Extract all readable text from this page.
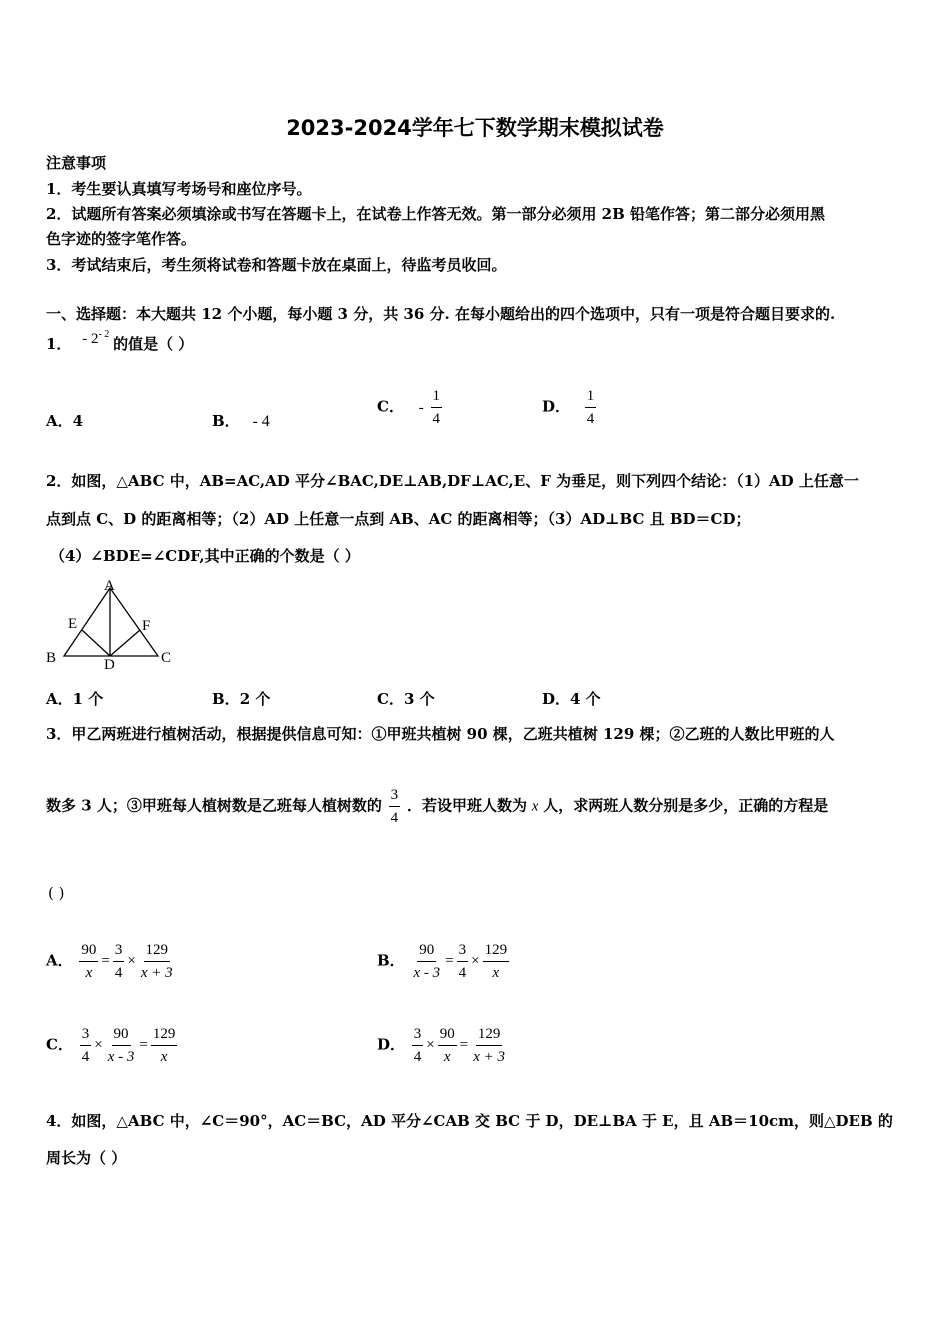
2023-2024学年七下数学期末模拟试卷
注意事项
1．考生要认真填写考场号和座位序号。
2．试题所有答案必须填涂或书写在答题卡上，在试卷上作答无效。第一部分必须用 2B 铅笔作答；第二部分必须用黑
色字迹的签字笔作答。
3．考试结束后，考生须将试卷和答题卡放在桌面上，待监考员收回。
一、选择题：本大题共 12 个小题，每小题 3 分，共 36 分. 在每小题给出的四个选项中，只有一项是符合题目要求的.
1． - $2^{- 2}$ 的值是（ ）
A．4	B． - 4
C． - $\frac{1}{4}$	D． $\frac{1}{4}$
2．如图，△ABC 中，AB=AC,AD 平分∠BAC,DE⊥AB,DF⊥AC,E、F 为垂足，则下列四个结论：（1）AD 上任意一
点到点 C、D 的距离相等；（2）AD 上任意一点到 AB、AC 的距离相等；（3）AD⊥BC 且 BD＝CD；
（4）∠BDE=∠CDF,其中正确的个数是（ ）
A
B	C
D
E	F
A．1 个	B．2 个	C．3 个	D．4 个
3．甲乙两班进行植树活动，根据提供信息可知：①甲班共植树 90 棵，乙班共植树 129 棵；②乙班的人数比甲班的人
数多 3 人；③甲班每人植树数是乙班每人植树数的 $\frac{3}{4}$ ．若设甲班人数为 x 人，求两班人数分别是多少，正确的方程是
( )
A． $\frac{90}{x} = \frac{3}{4} \times \frac{129}{x + 3}$	B． $\frac{90}{x - 3} = \frac{3}{4} \times \frac{129}{x}$
C． $\frac{3}{4} \times \frac{90}{x - 3} = \frac{129}{x}$	D． $\frac{3}{4} \times \frac{90}{x} = \frac{129}{x + 3}$
4．如图，△ABC 中，∠C＝90°，AC＝BC，AD 平分∠CAB 交 BC 于 D，DE⊥BA 于 E，且 AB＝10cm，则△DEB 的
周长为（ ）
